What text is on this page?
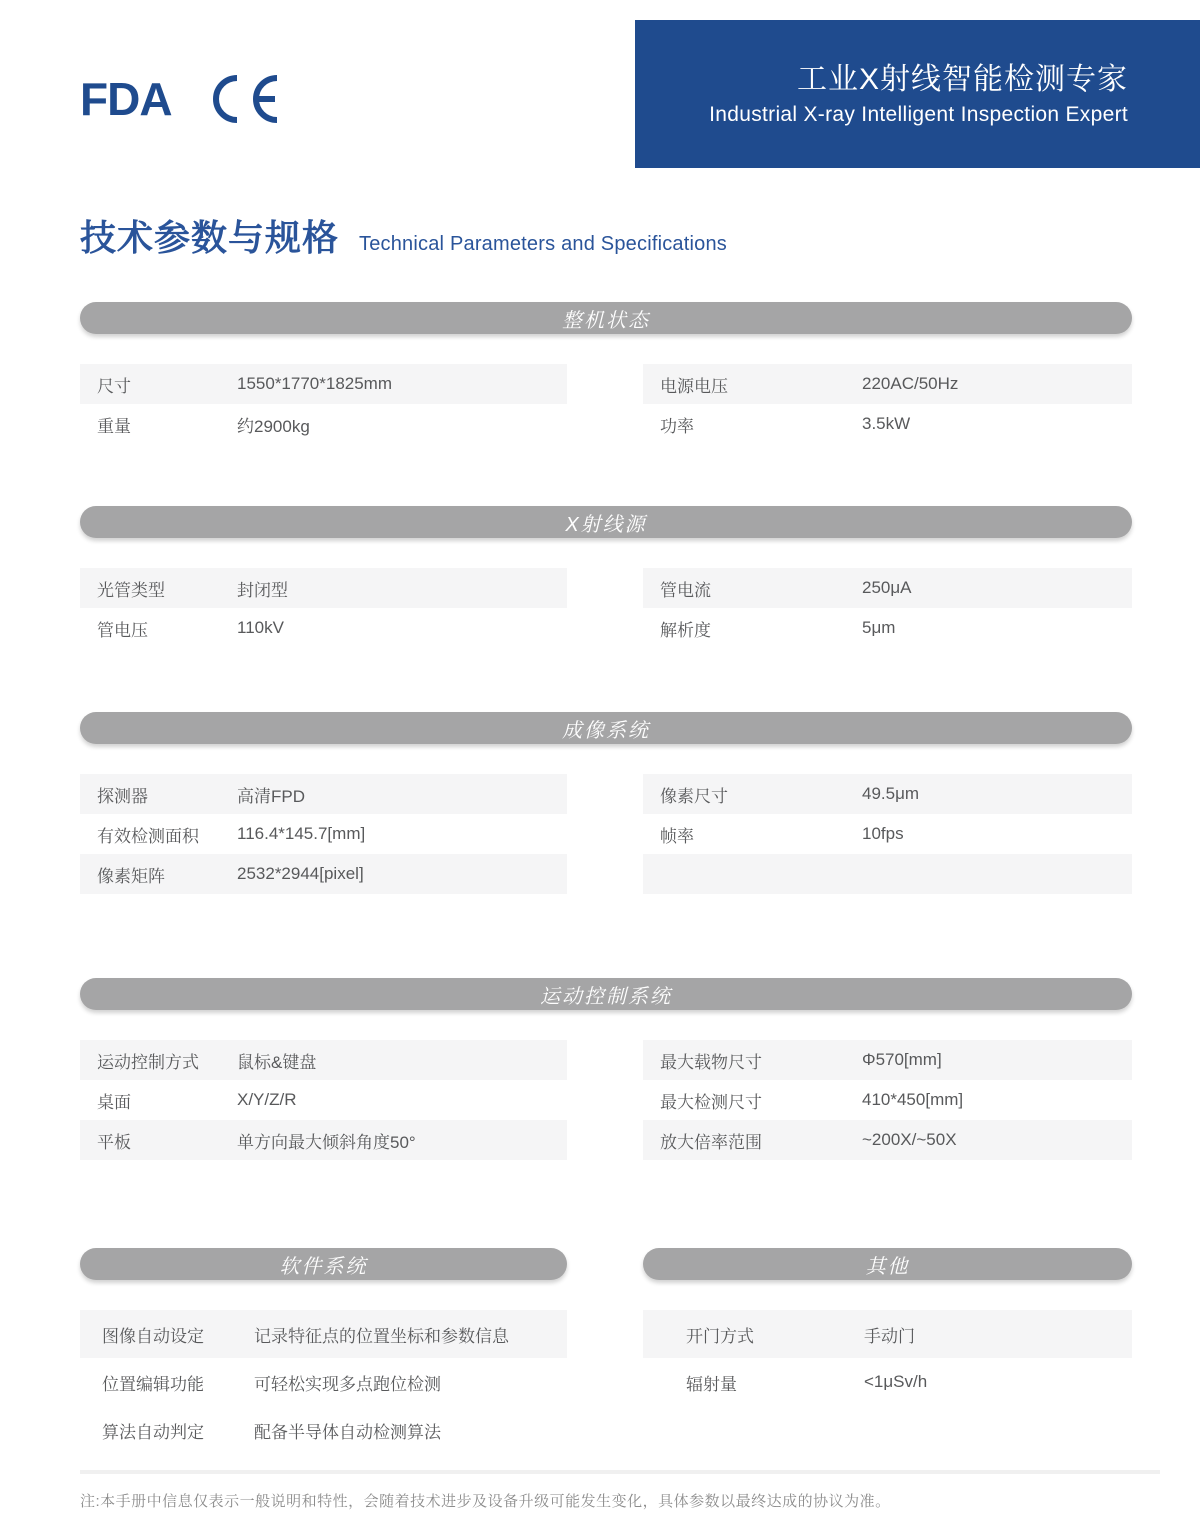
FDA	工业X射线智能检测专家
Industrial X-ray Intelligent Inspection Expert
技术参数与规格 Technical Parameters and Specifications
整机状态
尺寸	1550*1770*1825mm
重量	约2900kg
电源电压	220AC/50Hz
功率	3.5kW
X射线源
光管类型	封闭型
管电压	110kV
管电流	250μA
解析度	5μm
成像系统
探测器	高清FPD
有效检测面积	116.4*145.7[mm]
像素矩阵	2532*2944[pixel]
像素尺寸	49.5μm
帧率	10fps
运动控制系统
运动控制方式	鼠标&键盘
桌面	X/Y/Z/R
平板	单方向最大倾斜角度50°
最大载物尺寸	Φ570[mm]
最大检测尺寸	410*450[mm]
放大倍率范围	~200X/~50X
软件系统
图像自动设定	记录特征点的位置坐标和参数信息
位置编辑功能	可轻松实现多点跑位检测
算法自动判定	配备半导体自动检测算法
其他
开门方式	手动门
辐射量	<1μSv/h
注:本手册中信息仅表示一般说明和特性，会随着技术进步及设备升级可能发生变化，具体参数以最终达成的协议为准。
